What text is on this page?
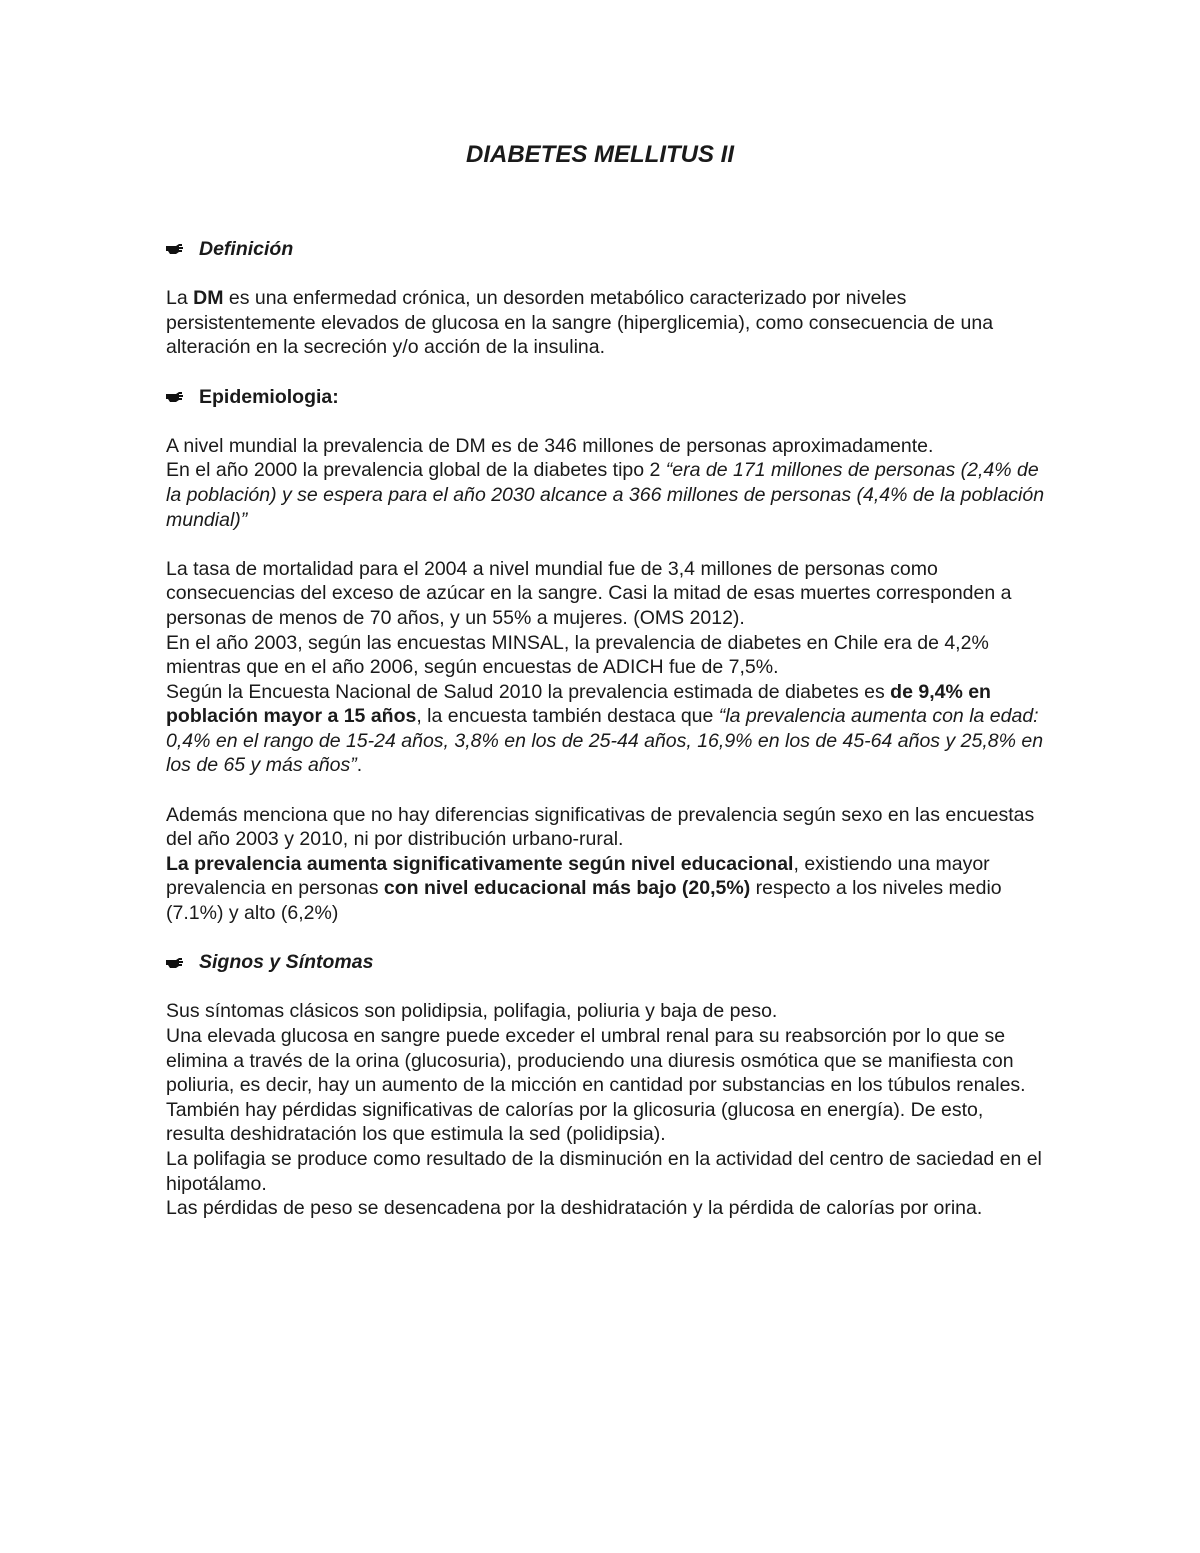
DIABETES MELLITUS II
Definición

La DM es una enfermedad crónica, un desorden metabólico caracterizado por niveles persistentemente elevados de glucosa en la sangre (hiperglicemia), como consecuencia de una alteración en la secreción y/o acción de la insulina.

Epidemiologia:

A nivel mundial la prevalencia de DM es de 346 millones de personas aproximadamente.
En el año 2000 la prevalencia global de la diabetes tipo 2 “era de 171 millones de personas (2,4% de la población) y se espera para el año 2030 alcance a 366 millones de personas (4,4% de la población mundial)”

La tasa de mortalidad para el 2004 a nivel mundial fue de 3,4 millones de personas como consecuencias del exceso de azúcar en la sangre. Casi la mitad de esas muertes corresponden a personas de menos de 70 años, y un 55% a mujeres. (OMS 2012).
En el año 2003, según las encuestas MINSAL, la prevalencia de diabetes en Chile era de 4,2% mientras que en el año 2006, según encuestas de ADICH fue de 7,5%.
Según la Encuesta Nacional de Salud 2010 la prevalencia estimada de diabetes es de 9,4% en población mayor a 15 años, la encuesta también destaca que “la prevalencia aumenta con la edad: 0,4% en el rango de 15-24 años, 3,8% en los de 25-44 años, 16,9% en los de 45-64 años y 25,8% en los de 65 y más años”.

Además menciona que no hay diferencias significativas de prevalencia según sexo en las encuestas del año 2003 y 2010, ni por distribución urbano-rural.
La prevalencia aumenta significativamente según nivel educacional, existiendo una mayor prevalencia en personas con nivel educacional más bajo (20,5%) respecto a los niveles medio (7.1%) y alto (6,2%)

Signos y Síntomas

Sus síntomas clásicos son polidipsia, polifagia, poliuria y baja de peso.
Una elevada glucosa en sangre puede exceder el umbral renal para su reabsorción por lo que se elimina a través de la orina (glucosuria), produciendo una diuresis osmótica que se manifiesta con poliuria, es decir, hay un aumento de la micción en cantidad por substancias en los túbulos renales.
También hay pérdidas significativas de calorías por la glicosuria (glucosa en energía). De esto, resulta deshidratación los que estimula la sed (polidipsia).
La polifagia se produce como resultado de la disminución en la actividad del centro de saciedad en el hipotálamo.
Las pérdidas de peso se desencadena por la deshidratación y la pérdida de calorías por orina.
